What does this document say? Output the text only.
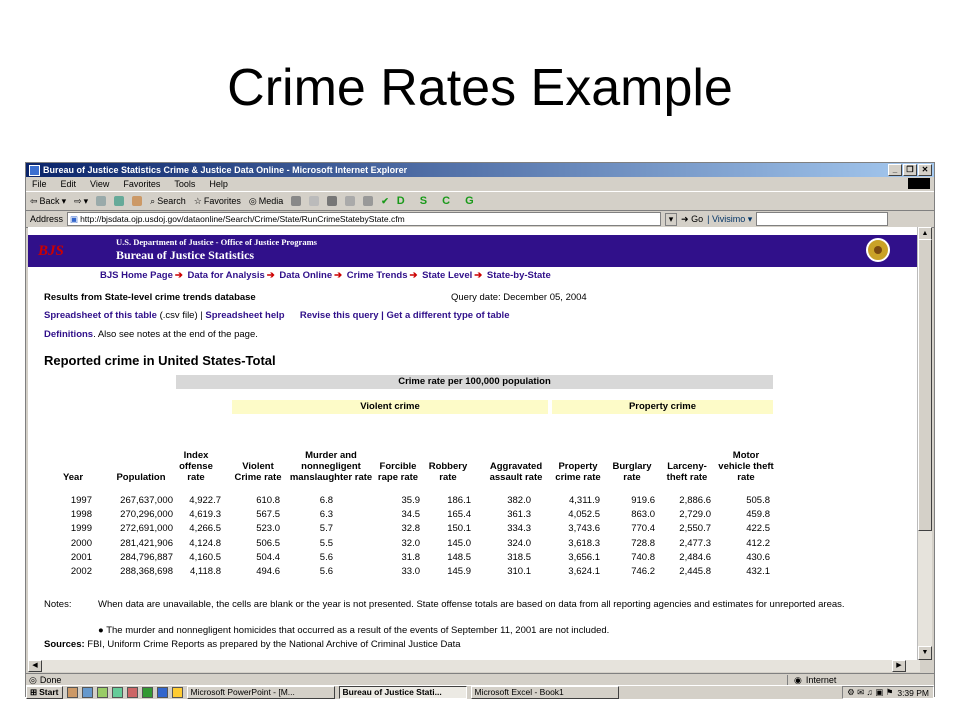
Crime Rates Example
Bureau of Justice Statistics Crime & Justice Data Online - Microsoft Internet Explorer	_	❐	✕
File Edit View Favorites Tools Help
⇦ Back ▾ ⇨ ▾	⌕ Search ☆ Favorites ◎ Media	✔ D S C G
Address ▣ http://bjsdata.ojp.usdoj.gov/dataonline/Search/Crime/State/RunCrimeStatebyState.cfm	▾ ➜ Go | Vivisimo ▾
BJS
U.S. Department of Justice - Office of Justice Programs
Bureau of Justice Statistics
BJS Home Page ➔ Data for Analysis ➔ Data Online ➔ Crime Trends ➔ State Level ➔ State-by-State
Results from State-level crime trends database	Query date: December 05, 2004
Spreadsheet of this table (.csv file) | Spreadsheet help Revise this query | Get a different type of table
Definitions. Also see notes at the end of the page.
Reported crime in United States-Total
Crime rate per 100,000 population
Violent crime	Property crime
Year	Population
Index offense rate
Violent Crime rate
Murder and nonnegligent manslaughter rate
Forcible rape rate
Robbery rate
Aggravated assault rate
Property crime rate
Burglary rate
Larceny-theft rate
Motor vehicle theft rate
1997	267,637,000	4,922.7	610.8	6.8	35.9	186.1	382.0	4,311.9	919.6	2,886.6	505.8
1998	270,296,000	4,619.3	567.5	6.3	34.5	165.4	361.3	4,052.5	863.0	2,729.0	459.8
1999	272,691,000	4,266.5	523.0	5.7	32.8	150.1	334.3	3,743.6	770.4	2,550.7	422.5
2000	281,421,906	4,124.8	506.5	5.5	32.0	145.0	324.0	3,618.3	728.8	2,477.3	412.2
2001	284,796,887	4,160.5	504.4	5.6	31.8	148.5	318.5	3,656.1	740.8	2,484.6	430.6
2002	288,368,698	4,118.8	494.6	5.6	33.0	145.9	310.1	3,624.1	746.2	2,445.8	432.1
Notes:	When data are unavailable, the cells are blank or the year is not presented. State offense totals are based on data from all reporting agencies and estimates for unreported areas.
● The murder and nonnegligent homicides that occurred as a result of the events of September 11, 2001 are not included.
Sources: FBI, Uniform Crime Reports as prepared by the National Archive of Criminal Justice Data
▲
▼
◀	▶
◎ Done	◉ Internet
⊞ Start	Microsoft PowerPoint - [M...	Bureau of Justice Stati...	Microsoft Excel - Book1	⚙ ✉ ♫ ▣ ⚑ 3:39 PM
